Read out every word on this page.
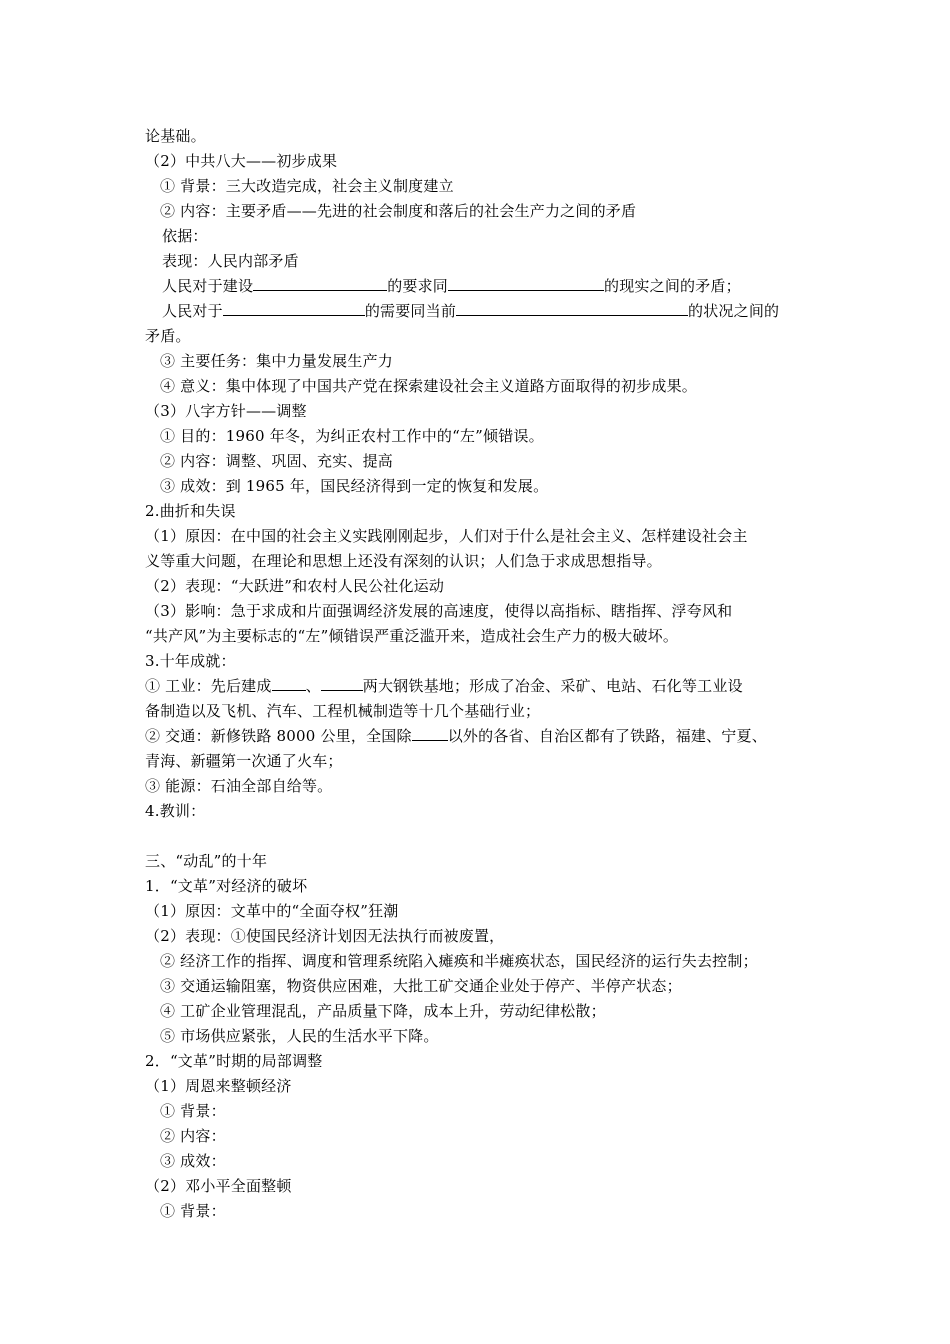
论基础。
（2）中共八大——初步成果
① 背景：三大改造完成，社会主义制度建立
② 内容：主要矛盾——先进的社会制度和落后的社会生产力之间的矛盾
依据：
表现：人民内部矛盾
人民对于建设	的要求同	的现实之间的矛盾；
人民对于	的需要同当前	的状况之间的
矛盾。
③ 主要任务：集中力量发展生产力
④ 意义：集中体现了中国共产党在探索建设社会主义道路方面取得的初步成果。
（3）八字方针——调整
① 目的：1960 年冬，为纠正农村工作中的“左”倾错误。
② 内容：调整、巩固、充实、提高
③ 成效：到 1965 年，国民经济得到一定的恢复和发展。
2.曲折和失误
（1）原因：在中国的社会主义实践刚刚起步，人们对于什么是社会主义、怎样建设社会主
义等重大问题，在理论和思想上还没有深刻的认识；人们急于求成思想指导。
（2）表现：“大跃进”和农村人民公社化运动
（3）影响：急于求成和片面强调经济发展的高速度，使得以高指标、瞎指挥、浮夸风和
“共产风”为主要标志的“左”倾错误严重泛滥开来，造成社会生产力的极大破坏。
3.十年成就：
① 工业：先后建成 、	两大钢铁基地；形成了冶金、采矿、电站、石化等工业设
备制造以及飞机、汽车、工程机械制造等十几个基础行业；
② 交通：新修铁路 8000 公里，全国除 以外的各省、自治区都有了铁路，福建、宁夏、
青海、新疆第一次通了火车；
③ 能源：石油全部自给等。
4.教训：
三、“动乱”的十年
1．“文革”对经济的破坏
（1）原因：文革中的“全面夺权”狂潮
（2）表现：①使国民经济计划因无法执行而被废置，
② 经济工作的指挥、调度和管理系统陷入瘫痪和半瘫痪状态，国民经济的运行失去控制；
③ 交通运输阻塞，物资供应困难，大批工矿交通企业处于停产、半停产状态；
④ 工矿企业管理混乱，产品质量下降，成本上升，劳动纪律松散；
⑤ 市场供应紧张，人民的生活水平下降。
2．“文革”时期的局部调整
（1）周恩来整顿经济
① 背景：
② 内容：
③ 成效：
（2）邓小平全面整顿
① 背景：
